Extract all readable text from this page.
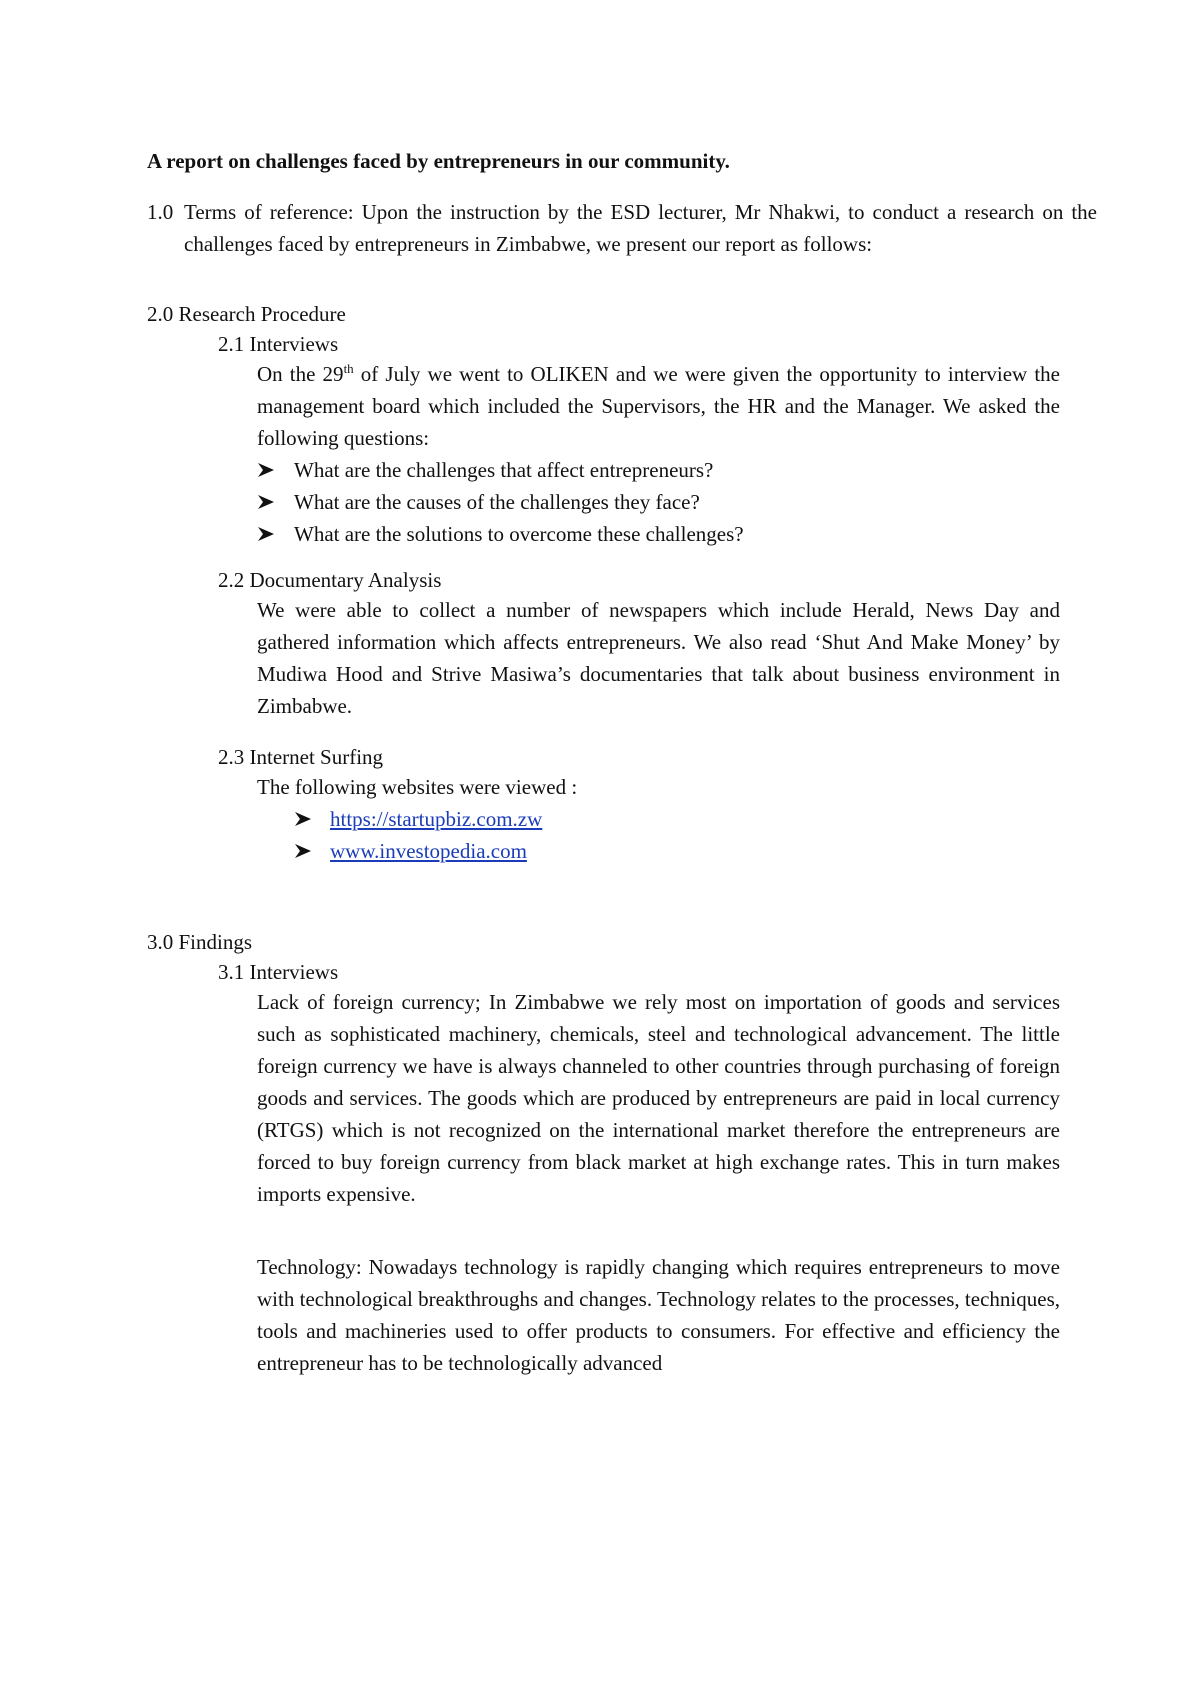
A report on challenges faced by entrepreneurs in our community.
1.0 Terms of reference: Upon the instruction by the ESD lecturer, Mr Nhakwi, to conduct a research on the challenges faced by entrepreneurs in Zimbabwe, we present our report as follows:
2.0 Research Procedure
2.1 Interviews

On the 29th of July we went to OLIKEN and we were given the opportunity to interview the management board which included the Supervisors, the HR and the Manager. We asked the following questions:

What are the challenges that affect entrepreneurs?
What are the causes of the challenges they face?
What are the solutions to overcome these challenges?
2.2 Documentary Analysis
We were able to collect a number of newspapers which include Herald, News Day and gathered information which affects entrepreneurs. We also read ‘Shut And Make Money’ by Mudiwa Hood and Strive Masiwa’s documentaries that talk about business environment in Zimbabwe.
2.3 Internet Surfing

The following websites were viewed :

https://startupbiz.com.zw
www.investopedia.com
3.0 Findings
3.1 Interviews
Lack of foreign currency; In Zimbabwe we rely most on importation of goods and services such as sophisticated machinery, chemicals, steel and technological advancement. The little foreign currency we have is always channeled to other countries through purchasing of foreign goods and services. The goods which are produced by entrepreneurs are paid in local currency (RTGS) which is not recognized on the international market therefore the entrepreneurs are forced to buy foreign currency from black market at high exchange rates. This in turn makes imports expensive.
Technology: Nowadays technology is rapidly changing which requires entrepreneurs to move with technological breakthroughs and changes. Technology relates to the processes, techniques, tools and machineries used to offer products to consumers. For effective and efficiency the entrepreneur has to be technologically advanced
